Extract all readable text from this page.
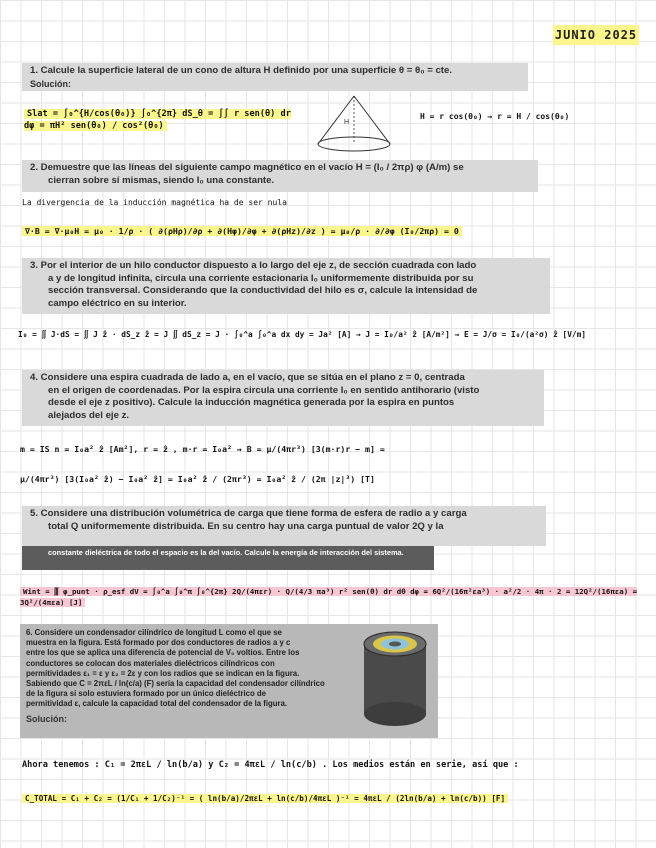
JUNIO 2025
1. Calcule la superficie lateral de un cono de altura H definido por una superficie θ = θ₀ = cte.
Solución:
Slat = ∫₀^{H/cos(θ₀)} ∫₀^{2π} dS_θ = ∫∫ r sen(θ) dr dφ = πH² sen(θ₀) / cos²(θ₀)	H
H = r cos(θ₀) → r = H / cos(θ₀)
2. Demuestre que las líneas del siguiente campo magnético en el vacío H = (I₀ / 2πρ) φ (A/m) se
cierran sobre sí mismas, siendo I₀ una constante.
La divergencia de la inducción magnética ha de ser nula
∇·B = ∇·μ₀H = μ₀ · 1/ρ · ( ∂(ρHρ)/∂ρ + ∂(Hφ)/∂φ + ∂(ρHz)/∂z ) = μ₀/ρ · ∂/∂φ (I₀/2πρ) = 0
3. Por el interior de un hilo conductor dispuesto a lo largo del eje z, de sección cuadrada con lado
a y de longitud infinita, circula una corriente estacionaria I₀ uniformemente distribuida por su
sección transversal. Considerando que la conductividad del hilo es σ, calcule la intensidad de
campo eléctrico en su interior.
I₀ = ∬ J·dS = ∬ J ẑ · dS_z ẑ = J ∬ dS_z = J · ∫₀^a ∫₀^a dx dy = Ja² [A] → J = I₀/a² ẑ [A/m²] → E = J/σ = I₀/(a²σ) ẑ [V/m]
4. Considere una espira cuadrada de lado a, en el vacío, que se sitúa en el plano z = 0, centrada
en el origen de coordenadas. Por la espira circula una corriente I₀ en sentido antihorario (visto
desde el eje z positivo). Calcule la inducción magnética generada por la espira en puntos
alejados del eje z.
m = IS n = I₀a² ẑ [Am²], r = ẑ , m·r = I₀a² → B = μ/(4πr³) [3(m·r)r − m] =
μ/(4πr³) [3(I₀a² ẑ) − I₀a² ẑ] = I₀a² ẑ / (2πr³) = I₀a² ẑ / (2π |z|³) [T]
5. Considere una distribución volumétrica de carga que tiene forma de esfera de radio a y carga
total Q uniformemente distribuida. En su centro hay una carga puntual de valor 2Q y la
constante dieléctrica de todo el espacio es la del vacío. Calcule la energía de interacción del sistema.
Wint = ∭ φ_punt · ρ_esf dV = ∫₀^a ∫₀^π ∫₀^{2π} 2Q/(4πεr) · Q/(4/3 πa³) r² sen(θ) dr dθ dφ = 6Q²/(16π²εa³) · a²/2 · 4π · 2 = 12Q²/(16πεa) = 3Q²/(4πεa) [J]
6. Considere un condensador cilíndrico de longitud L como el que se
muestra en la figura. Está formado por dos conductores de radios a y c
entre los que se aplica una diferencia de potencial de V₀ voltios. Entre los
conductores se colocan dos materiales dieléctricos cilíndricos con
permitividades ε₁ = ε y ε₂ = 2ε y con los radios que se indican en la figura.
Sabiendo que C = 2πεL / ln(c/a) (F) sería la capacidad del condensador cilíndrico
de la figura si solo estuviera formado por un único dieléctrico de
permitividad ε, calcule la capacidad total del condensador de la figura.
Solución:
Ahora tenemos : C₁ = 2πεL / ln(b/a) y C₂ = 4πεL / ln(c/b) . Los medios están en serie, así que :
C_TOTAL = C₁ + C₂ = (1/C₁ + 1/C₂)⁻¹ = ( ln(b/a)/2πεL + ln(c/b)/4πεL )⁻¹ = 4πεL / (2ln(b/a) + ln(c/b)) [F]
